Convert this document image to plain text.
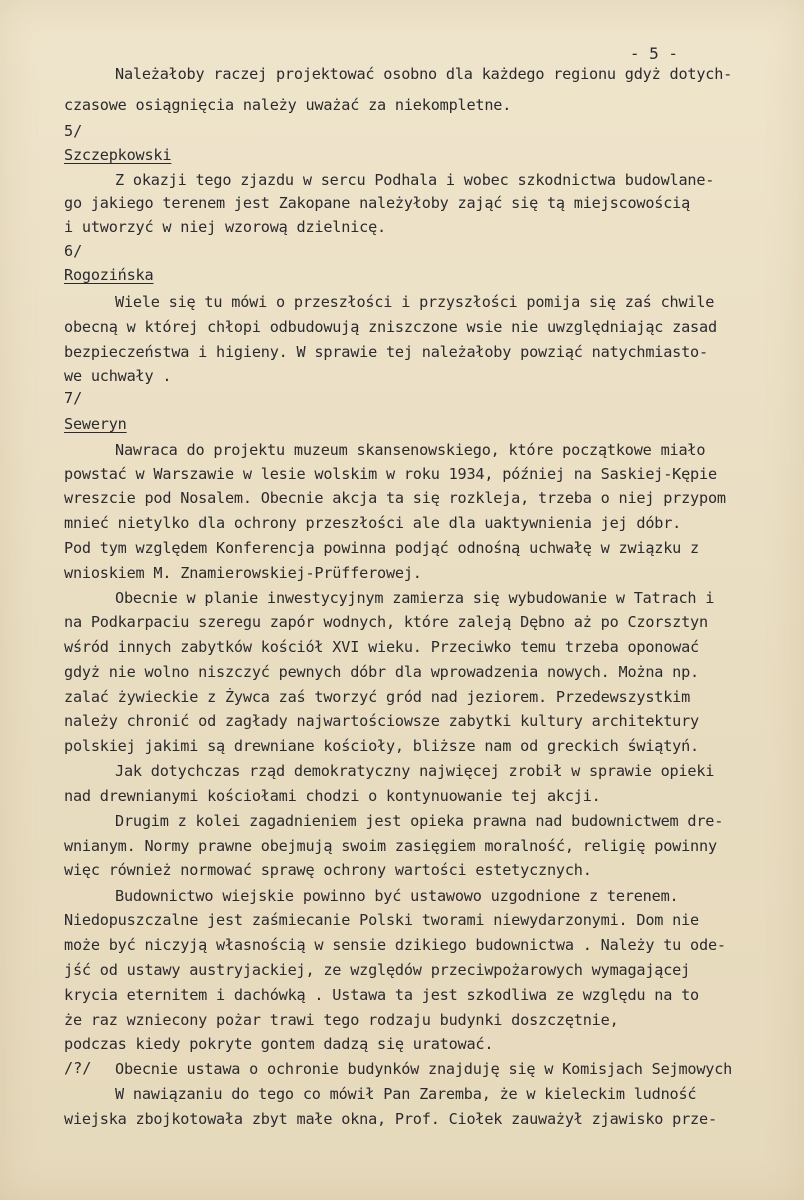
- 5 -
Należałoby raczej projektować osobno dla każdego regionu gdyż dotych-
czasowe osiągnięcia należy uważać za niekompletne.
5/
Szczepkowski
Z okazji tego zjazdu w sercu Podhala i wobec szkodnictwa budowlane-
go jakiego terenem jest Zakopane należyłoby zająć się tą miejscowością
i utworzyć w niej wzorową dzielnicę.
6/
Rogozińska
Wiele się tu mówi o przeszłości i przyszłości pomija się zaś chwile
obecną w której chłopi odbudowują zniszczone wsie nie uwzględniając zasad
bezpieczeństwa i higieny. W sprawie tej należałoby powziąć natychmiasto-
we uchwały .
7/
Seweryn
Nawraca do projektu muzeum skansenowskiego, które początkowe miało
powstać w Warszawie w lesie wolskim w roku 1934, później na Saskiej-Kępie
wreszcie pod Nosalem. Obecnie akcja ta się rozkleja, trzeba o niej przypom
mnieć nietylko dla ochrony przeszłości ale dla uaktywnienia jej dóbr.
Pod tym względem Konferencja powinna podjąć odnośną uchwałę w związku z
wnioskiem M. Znamierowskiej-Prüfferowej.
Obecnie w planie inwestycyjnym zamierza się wybudowanie w Tatrach i
na Podkarpaciu szeregu zapór wodnych, które zaleją Dębno aż po Czorsztyn
wśród innych zabytków kościół XVI wieku. Przeciwko temu trzeba oponować
gdyż nie wolno niszczyć pewnych dóbr dla wprowadzenia nowych. Można np.
zalać żywieckie z Żywca zaś tworzyć gród nad jeziorem. Przedewszystkim
należy chronić od zagłady najwartościowsze zabytki kultury architektury
polskiej jakimi są drewniane kościoły, bliższe nam od greckich świątyń.
Jak dotychczas rząd demokratyczny najwięcej zrobił w sprawie opieki
nad drewnianymi kościołami chodzi o kontynuowanie tej akcji.
Drugim z kolei zagadnieniem jest opieka prawna nad budownictwem dre-
wnianym. Normy prawne obejmują swoim zasięgiem moralność, religię powinny
więc również normować sprawę ochrony wartości estetycznych.
Budownictwo wiejskie powinno być ustawowo uzgodnione z terenem.
Niedopuszczalne jest zaśmiecanie Polski tworami niewydarzonymi. Dom nie
może być niczyją własnością w sensie dzikiego budownictwa . Należy tu ode-
jść od ustawy austryjackiej, ze względów przeciwpożarowych wymagającej
krycia eternitem i dachówką . Ustawa ta jest szkodliwa ze względu na to
że raz wzniecony pożar trawi tego rodzaju budynki doszczętnie,
podczas kiedy pokryte gontem dadzą się uratować.
/?/ Obecnie ustawa o ochronie budynków znajduję się w Komisjach Sejmowych
W nawiązaniu do tego co mówił Pan Zaremba, że w kieleckim ludność
wiejska zbojkotowała zbyt małe okna, Prof. Ciołek zauważył zjawisko prze-
